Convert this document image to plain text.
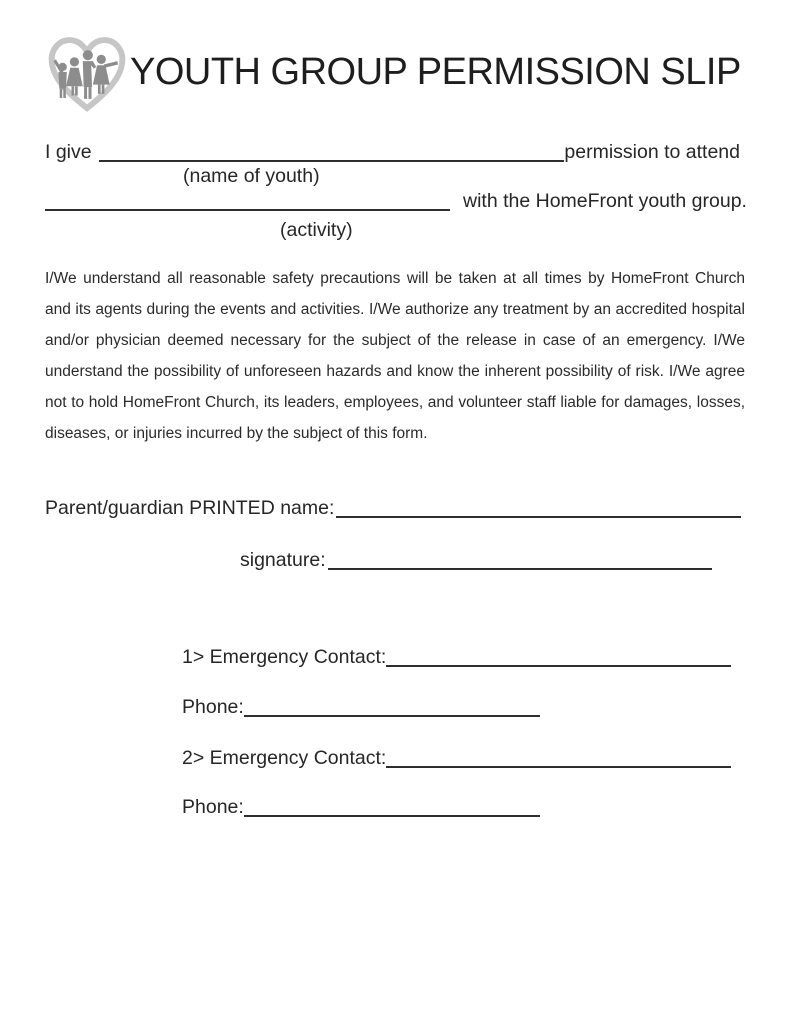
YOUTH GROUP PERMISSION SLIP
I give	permission to attend
(name of youth)
with the HomeFront youth group.
(activity)
I/We understand all reasonable safety precautions will be taken at all times by HomeFront Church
and its agents during the events and activities. I/We authorize any treatment by an accredited hospital
and/or physician deemed necessary for the subject of the release in case of an emergency. I/We
understand the possibility of unforeseen hazards and know the inherent possibility of risk. I/We agree
not to hold HomeFront Church, its leaders, employees, and volunteer staff liable for damages, losses,
diseases, or injuries incurred by the subject of this form.
Parent/guardian PRINTED name:
signature:
1> Emergency Contact:
Phone:
2> Emergency Contact:
Phone:
